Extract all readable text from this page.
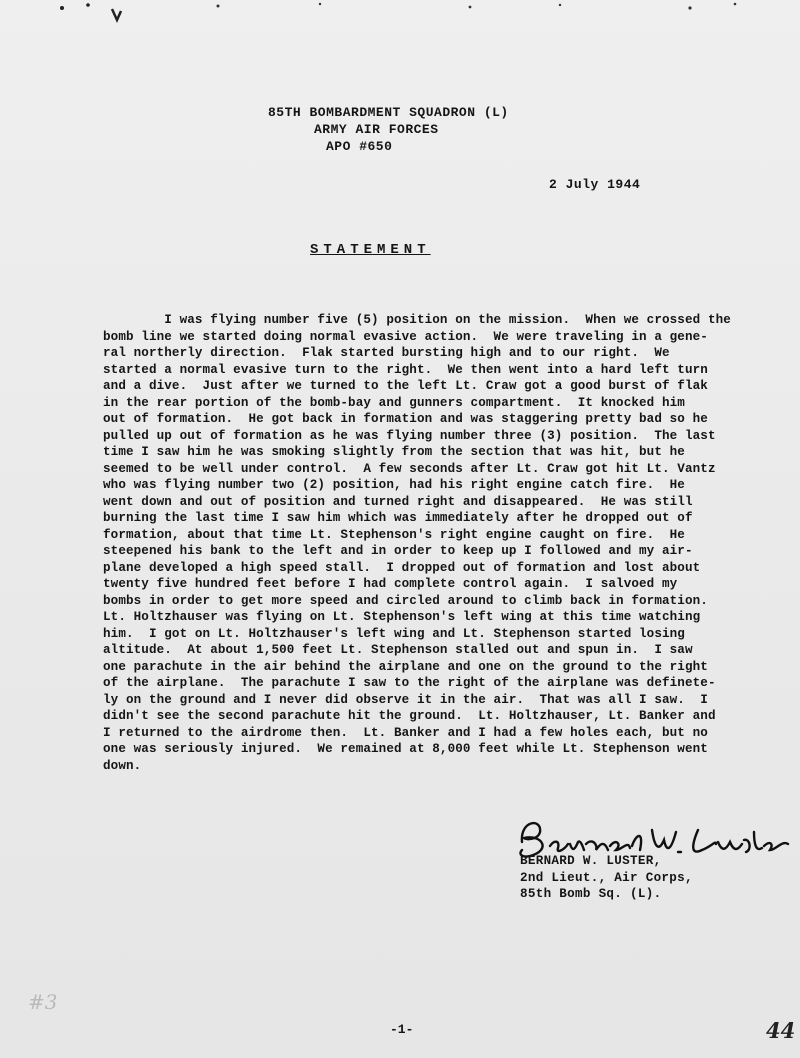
85TH BOMBARDMENT SQUADRON (L)
ARMY AIR FORCES
APO #650
2 July 1944
STATEMENT
I was flying number five (5) position on the mission.  When we crossed the
bomb line we started doing normal evasive action.  We were traveling in a gene-
ral northerly direction.  Flak started bursting high and to our right.  We
started a normal evasive turn to the right.  We then went into a hard left turn
and a dive.  Just after we turned to the left Lt. Craw got a good burst of flak
in the rear portion of the bomb-bay and gunners compartment.  It knocked him
out of formation.  He got back in formation and was staggering pretty bad so he
pulled up out of formation as he was flying number three (3) position.  The last
time I saw him he was smoking slightly from the section that was hit, but he
seemed to be well under control.  A few seconds after Lt. Craw got hit Lt. Vantz
who was flying number two (2) position, had his right engine catch fire.  He
went down and out of position and turned right and disappeared.  He was still
burning the last time I saw him which was immediately after he dropped out of
formation, about that time Lt. Stephenson's right engine caught on fire.  He
steepened his bank to the left and in order to keep up I followed and my air-
plane developed a high speed stall.  I dropped out of formation and lost about
twenty five hundred feet before I had complete control again.  I salvoed my
bombs in order to get more speed and circled around to climb back in formation.
Lt. Holtzhauser was flying on Lt. Stephenson's left wing at this time watching
him.  I got on Lt. Holtzhauser's left wing and Lt. Stephenson started losing
altitude.  At about 1,500 feet Lt. Stephenson stalled out and spun in.  I saw
one parachute in the air behind the airplane and one on the ground to the right
of the airplane.  The parachute I saw to the right of the airplane was definete-
ly on the ground and I never did observe it in the air.  That was all I saw.  I
didn't see the second parachute hit the ground.  Lt. Holtzhauser, Lt. Banker and
I returned to the airdrome then.  Lt. Banker and I had a few holes each, but no
one was seriously injured.  We remained at 8,000 feet while Lt. Stephenson went
down.
BERNARD W. LUSTER,
2nd Lieut., Air Corps,
85th Bomb Sq. (L).
#3
-1-	44
